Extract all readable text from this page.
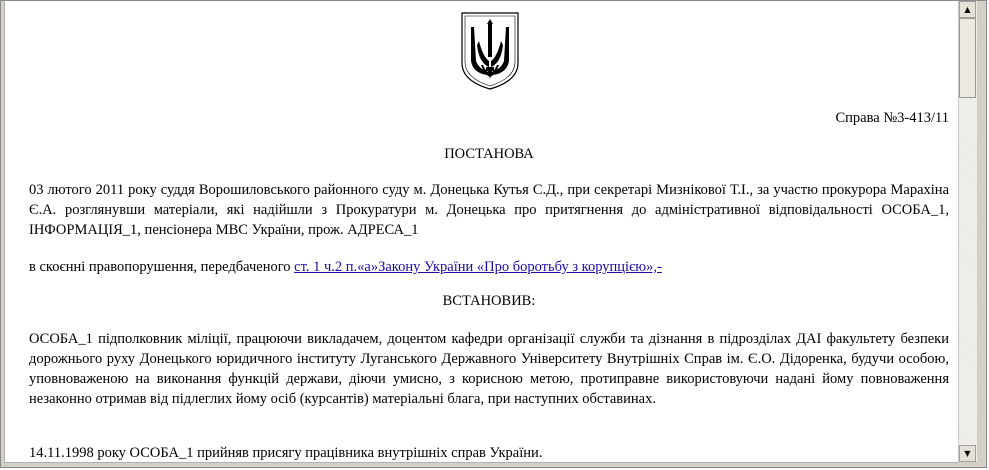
Справа №3-413/11
ПОСТАНОВА
03 лютого 2011 року суддя Ворошиловського районного суду м. Донецька Кутья С.Д., при секретарі Мизнікової Т.І., за участю прокурора Марахіна Є.А. розглянувши матеріали, які надійшли з Прокуратури м. Донецька про притягнення до адміністративної відповідальності ОСОБА_1, ІНФОРМАЦІЯ_1, пенсіонера МВС України, прож. АДРЕСА_1
в скоєнні правопорушення, передбаченого ст. 1 ч.2 п.«а»Закону України «Про боротьбу з корупцією»,-
ВСТАНОВИВ:
ОСОБА_1 підполковник міліції, працюючи викладачем, доцентом кафедри організації служби та дізнання в підрозділах ДАІ факультету безпеки дорожнього руху Донецького юридичного інституту Луганського Державного Університету Внутрішніх Справ ім. Є.О. Дідоренка, будучи особою, уповноваженою на виконання функцій держави, діючи умисно, з корисною метою, протиправне використовуючи надані йому повноваження незаконно отримав від підлеглих йому осіб (курсантів) матеріальні блага, при наступних обставинах.
14.11.1998 року ОСОБА_1 прийняв присягу працівника внутрішніх справ України.
▲
▼
